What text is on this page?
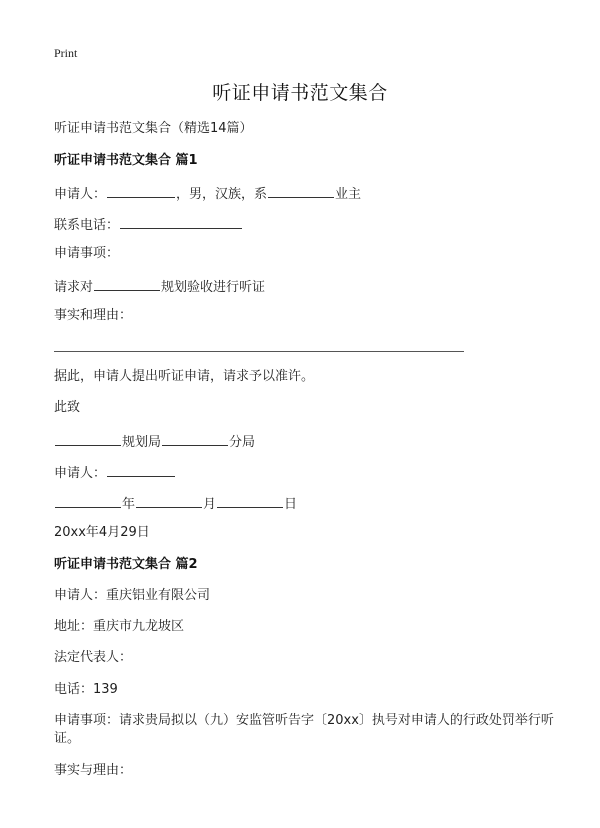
Print
听证申请书范文集合
听证申请书范文集合（精选14篇）
听证申请书范文集合 篇1
申请人：	，男，汉族，系	业主
联系电话：
申请事项：
请求对	规划验收进行听证
事实和理由：
据此，申请人提出听证申请，请求予以准许。
此致
规划局	分局
申请人：
年	月	日
20xx年4月29日
听证申请书范文集合 篇2
申请人：重庆铝业有限公司
地址：重庆市九龙坡区
法定代表人：
电话：139
申请事项：请求贵局拟以（九）安监管听告字〔20xx〕执号对申请人的行政处罚举行听证。
事实与理由：
